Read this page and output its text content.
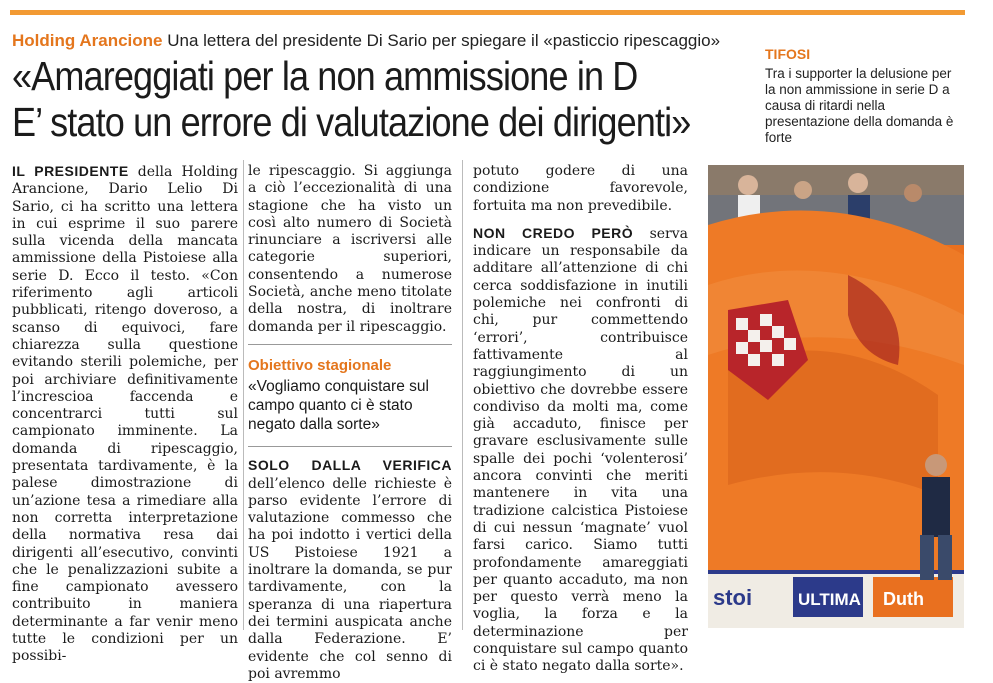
Holding Arancione Una lettera del presidente Di Sario per spiegare il «pasticcio ripescaggio»
«Amareggiati per la non ammissione in D
E’ stato un errore di valutazione dei dirigenti»
TIFOSI
Tra i supporter la delusione per la non ammissione in serie D a causa di ritardi nella presentazione della domanda è forte
IL PRESIDENTE della Holding Arancione, Dario Lelio Di Sario, ci ha scritto una lettera in cui esprime il suo parere sulla vicenda della mancata ammissione della Pistoiese alla serie D. Ecco il testo. «Con riferimento agli articoli pubblicati, ritengo doveroso, a scanso di equivoci, fare chiarezza sulla questione evitando sterili polemiche, per poi archiviare definitivamente l’increscioa faccenda e concentrarci tutti sul campionato imminente. La domanda di ripescaggio, presentata tardivamente, è la palese dimostrazione di un’azione tesa a rimediare alla non corretta interpretazione della normativa resa dai dirigenti all’esecutivo, convinti che le penalizzazioni subite a fine campionato avessero contribuito in maniera determinante a far venir meno tutte le condizioni per un possibi-
le ripescaggio. Si aggiunga a ciò l’eccezionalità di una stagione che ha visto un così alto numero di Società rinunciare a iscriversi alle categorie superiori, consentendo a numerose Società, anche meno titolate della nostra, di inoltrare domanda per il ripescaggio.
Obiettivo stagionale
«Vogliamo conquistare sul campo quanto ci è stato negato dalla sorte»
SOLO DALLA VERIFICA dell’elenco delle richieste è parso evidente l’errore di valutazione commesso che ha poi indotto i vertici della US Pistoiese 1921 a inoltrare la domanda, se pur tardivamente, con la speranza di una riapertura dei termini auspicata anche dalla Federazione. E’ evidente che col senno di poi avremmo
potuto godere di una condizione favorevole, fortuita ma non prevedibile.
NON CREDO PERÒ serva indicare un responsabile da additare all’attenzione di chi cerca soddisfazione in inutili polemiche nei confronti di chi, pur commettendo ‘errori’, contribuisce fattivamente al raggiungimento di un obiettivo che dovrebbe essere condiviso da molti ma, come già accaduto, finisce per gravare esclusivamente sulle spalle dei pochi ‘volenterosi’ ancora convinti che meriti mantenere in vita una tradizione calcistica Pistoiese di cui nessun ‘magnate’ vuol farsi carico. Siamo tutti profondamente amareggiati per quanto accaduto, ma non per questo verrà meno la voglia, la forza e la determinazione per conquistare sul campo quanto ci è stato negato dalla sorte».
stoi	ULTIMA Duth
